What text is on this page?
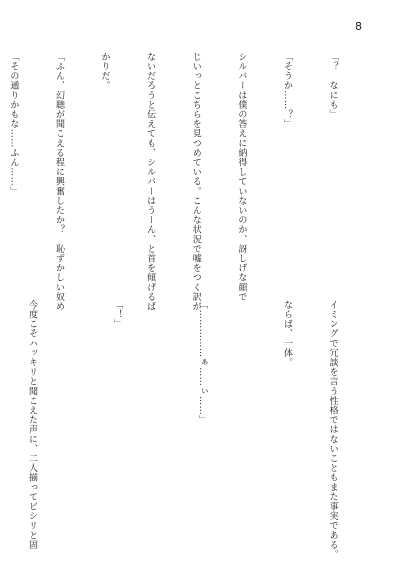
8

「？　なにも」

「そうか……？」

シルバーは僕の答えに納得していないのか、訝しげな顔で

じいっとこちらを見つめている。こんな状況で嘘をつく訳が

ないだろうと伝えても、シルバーはうーん、と首を傾げるば

かりだ。

「ふん、幻聴が聞こえる程に興奮したか？　恥ずかしい奴め

「その通りかもな……ふん……」

イミングで冗談を言う性格ではないこともまた事実である。

ならば、一体。

「……………ぁ……ぃ……」

「！」

今度こそハッキリと聞こえた声に、二人揃ってビシリと固
